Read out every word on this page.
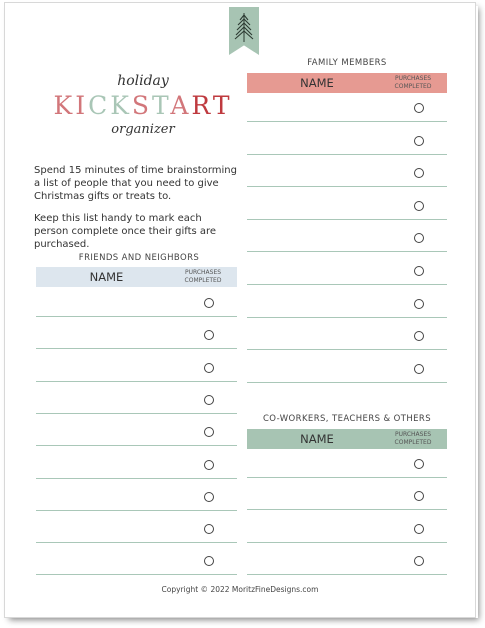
holiday
KICKSTART
organizer

Spend 15 minutes of time brainstorming a list of people that you need to give Christmas gifts or treats to.

Keep this list handy to mark each person complete once their gifts are purchased.

FRIENDS AND NEIGHBORS
NAME	PURCHASES COMPLETED
FAMILY MEMBERS
NAME	PURCHASES COMPLETED
CO-WORKERS, TEACHERS & OTHERS
NAME	PURCHASES COMPLETED
Copyright © 2022 MoritzFineDesigns.com
